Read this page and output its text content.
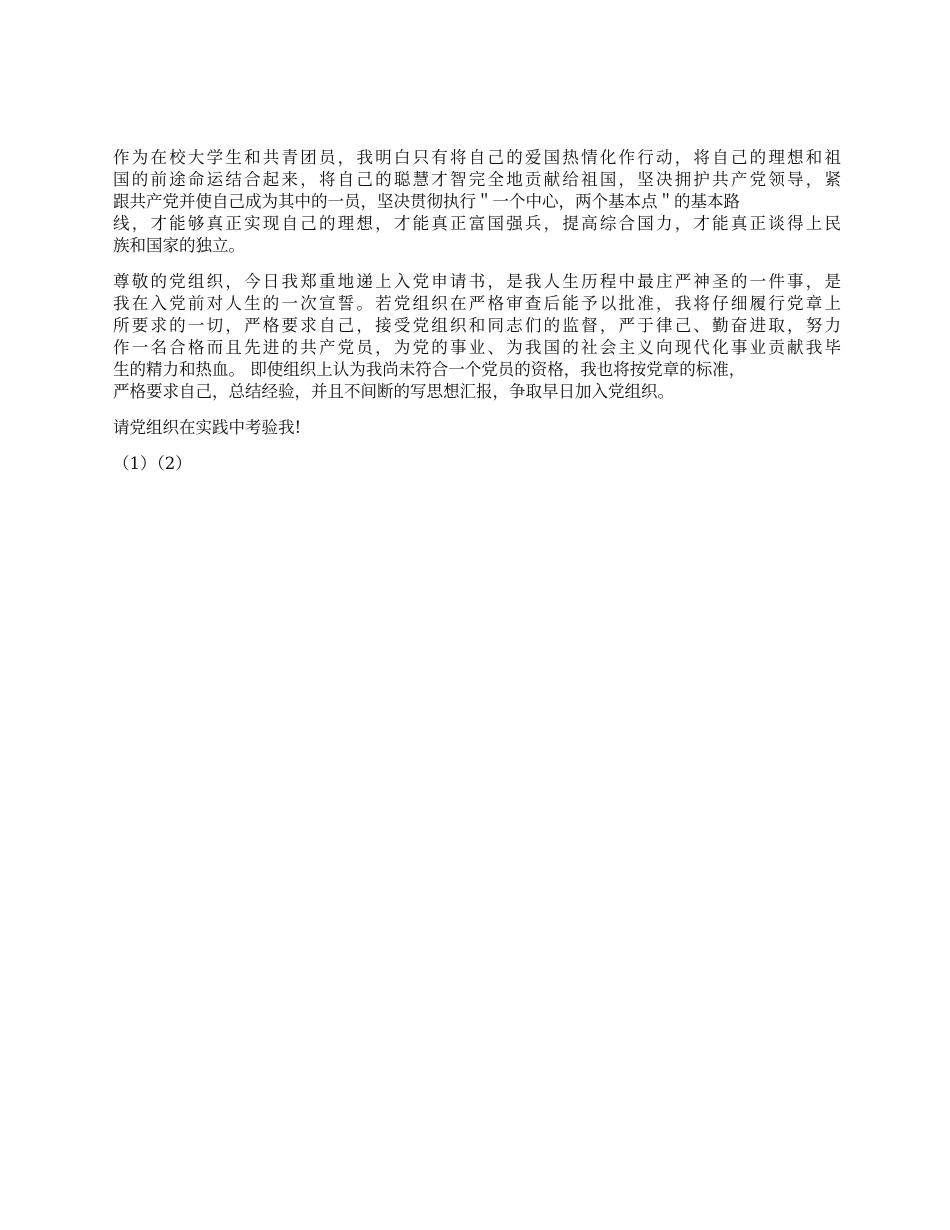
作为在校大学生和共青团员，我明白只有将自己的爱国热情化作行动，将自己的理想和祖
国的前途命运结合起来，将自己的聪慧才智完全地贡献给祖国，坚决拥护共产党领导，紧
跟共产党并使自己成为其中的一员，坚决贯彻执行＂一个中心，两个基本点＂的基本路
线，才能够真正实现自己的理想，才能真正富国强兵，提高综合国力，才能真正谈得上民
族和国家的独立。
尊敬的党组织，今日我郑重地递上入党申请书，是我人生历程中最庄严神圣的一件事，是
我在入党前对人生的一次宣誓。若党组织在严格审查后能予以批准，我将仔细履行党章上
所要求的一切，严格要求自己，接受党组织和同志们的监督，严于律己、勤奋进取，努力
作一名合格而且先进的共产党员，为党的事业、为我国的社会主义向现代化事业贡献我毕
生的精力和热血。 即使组织上认为我尚未符合一个党员的资格，我也将按党章的标准，
严格要求自己，总结经验，并且不间断的写思想汇报，争取早日加入党组织。
请党组织在实践中考验我!
（1）（2）
